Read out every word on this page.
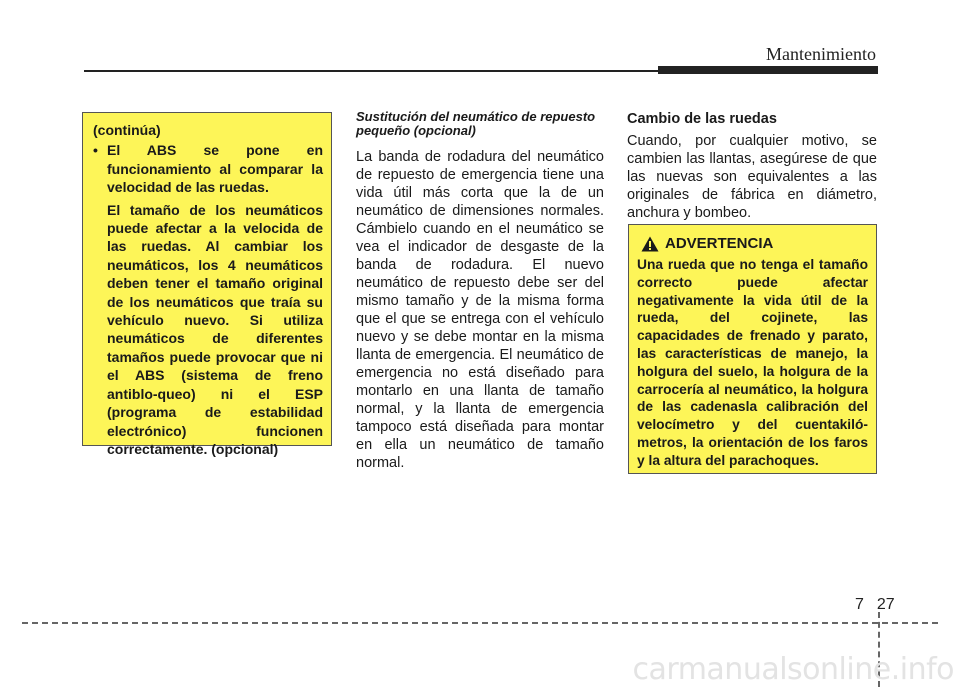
Mantenimiento
(continúa)
• El ABS se pone en funcionamiento al comparar la velocidad de las ruedas.
El tamaño de los neumáticos puede afectar a la velocida de las ruedas. Al cambiar los neumáticos, los 4 neumáticos deben tener el tamaño original de los neumáticos que traía su vehículo nuevo. Si utiliza neumáticos de diferentes tamaños puede provocar que ni el ABS (sistema de freno antiblo-queo) ni el ESP (programa de estabilidad electrónico) funcionen correctamente. (opcional)
Sustitución del neumático de repuesto pequeño (opcional)

La banda de rodadura del neumático de repuesto de emergencia tiene una vida útil más corta que la de un neumático de dimensiones normales. Cámbielo cuando en el neumático se vea el indicador de desgaste de la banda de rodadura. El nuevo neumático de repuesto debe ser del mismo tamaño y de la misma forma que el que se entrega con el vehículo nuevo y se debe montar en la misma llanta de emergencia. El neumático de emergencia no está diseñado para montarlo en una llanta de tamaño normal, y la llanta de emergencia tampoco está diseñada para montar en ella un neumático de tamaño normal.

Cambio de las ruedas

Cuando, por cualquier motivo, se cambien las llantas, asegúrese de que las nuevas son equivalentes a las originales de fábrica en diámetro, anchura y bombeo.

ADVERTENCIA
Una rueda que no tenga el tamaño correcto puede afectar negativamente la vida útil de la rueda, del cojinete, las capacidades de frenado y parato, las características de manejo, la holgura del suelo, la holgura de la carrocería al neumático, la holgura de las cadenasla calibración del velocímetro y del cuentakiló-metros, la orientación de los faros y la altura del parachoques.
7 27
carmanualsonline.info
